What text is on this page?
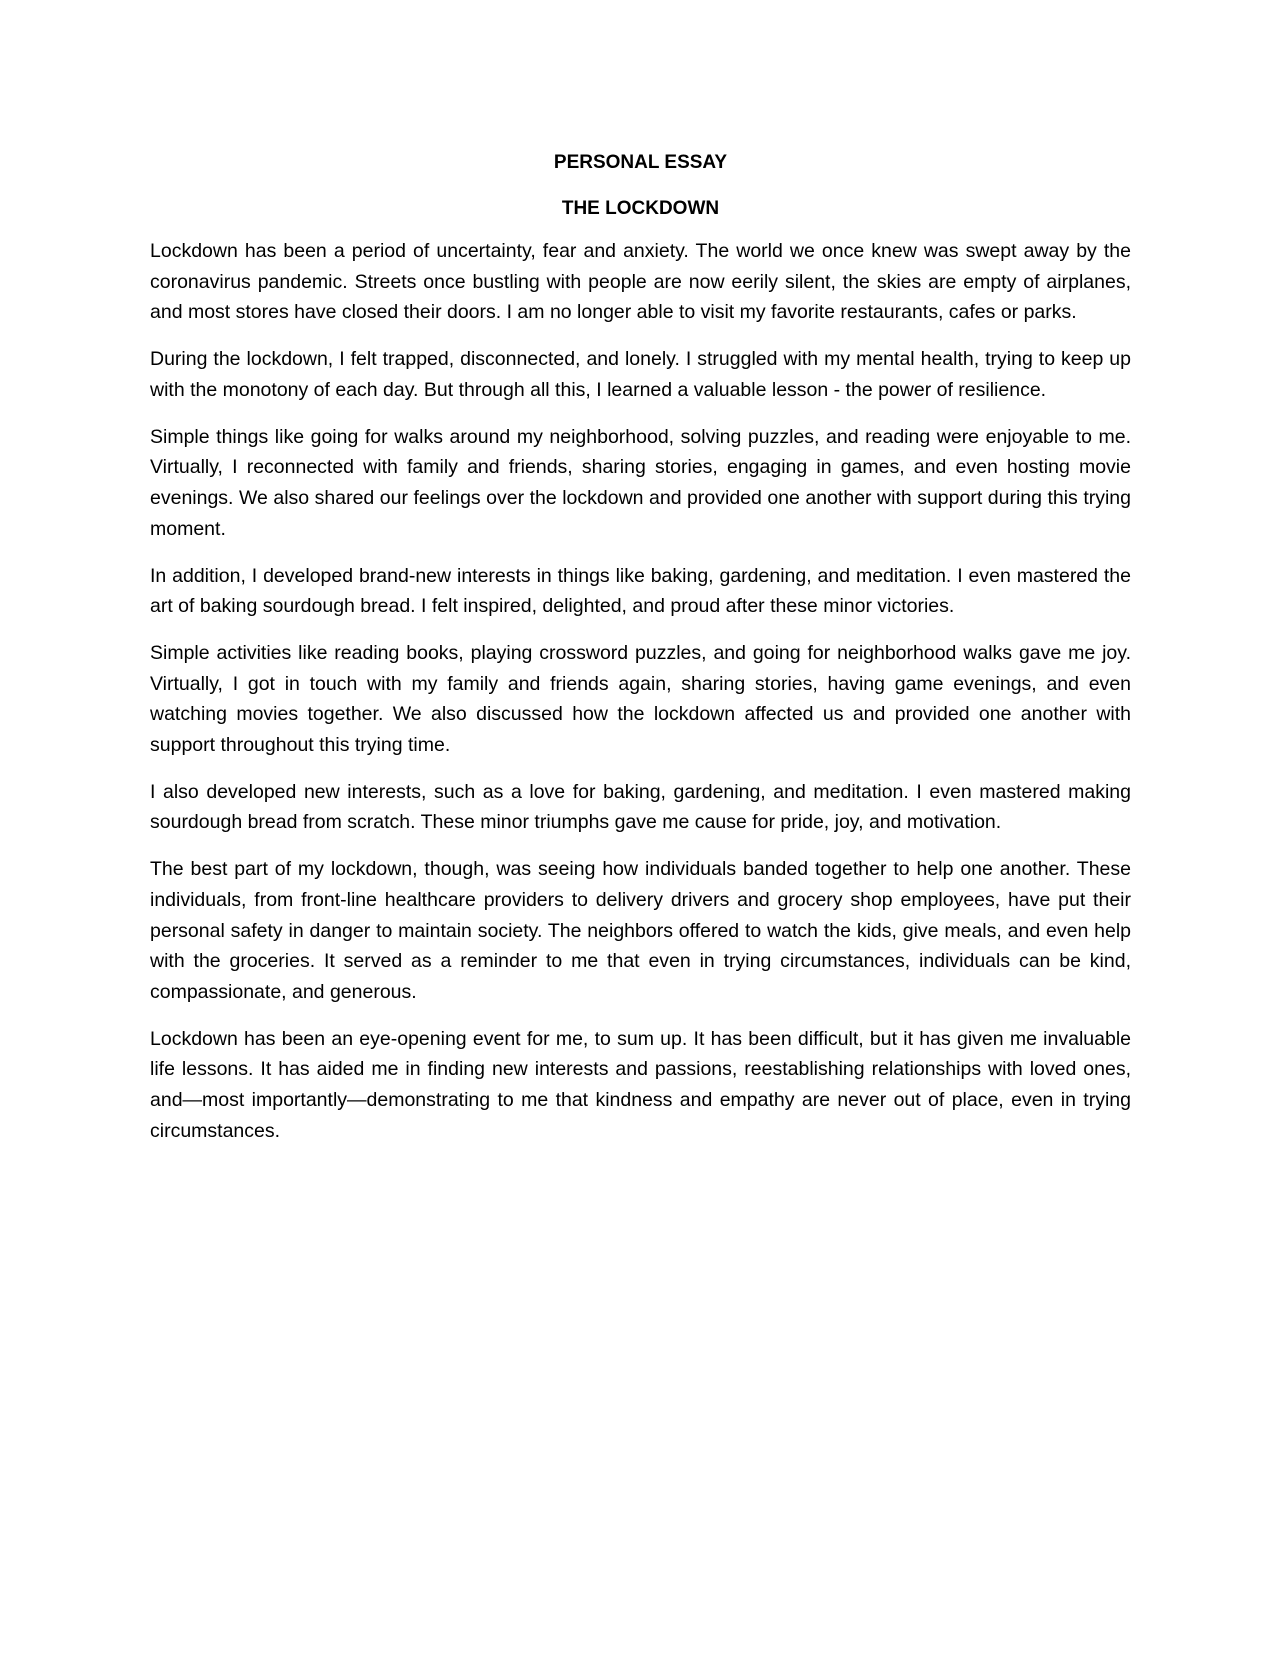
PERSONAL ESSAY
THE LOCKDOWN

Lockdown has been a period of uncertainty, fear and anxiety. The world we once knew was swept away by the coronavirus pandemic. Streets once bustling with people are now eerily silent, the skies are empty of airplanes, and most stores have closed their doors. I am no longer able to visit my favorite restaurants, cafes or parks.

During the lockdown, I felt trapped, disconnected, and lonely. I struggled with my mental health, trying to keep up with the monotony of each day. But through all this, I learned a valuable lesson - the power of resilience.

Simple things like going for walks around my neighborhood, solving puzzles, and reading were enjoyable to me. Virtually, I reconnected with family and friends, sharing stories, engaging in games, and even hosting movie evenings. We also shared our feelings over the lockdown and provided one another with support during this trying moment.

In addition, I developed brand-new interests in things like baking, gardening, and meditation. I even mastered the art of baking sourdough bread. I felt inspired, delighted, and proud after these minor victories.

Simple activities like reading books, playing crossword puzzles, and going for neighborhood walks gave me joy. Virtually, I got in touch with my family and friends again, sharing stories, having game evenings, and even watching movies together. We also discussed how the lockdown affected us and provided one another with support throughout this trying time.

I also developed new interests, such as a love for baking, gardening, and meditation. I even mastered making sourdough bread from scratch. These minor triumphs gave me cause for pride, joy, and motivation.

The best part of my lockdown, though, was seeing how individuals banded together to help one another. These individuals, from front-line healthcare providers to delivery drivers and grocery shop employees, have put their personal safety in danger to maintain society. The neighbors offered to watch the kids, give meals, and even help with the groceries. It served as a reminder to me that even in trying circumstances, individuals can be kind, compassionate, and generous.

Lockdown has been an eye-opening event for me, to sum up. It has been difficult, but it has given me invaluable life lessons. It has aided me in finding new interests and passions, reestablishing relationships with loved ones, and—most importantly—demonstrating to me that kindness and empathy are never out of place, even in trying circumstances.
